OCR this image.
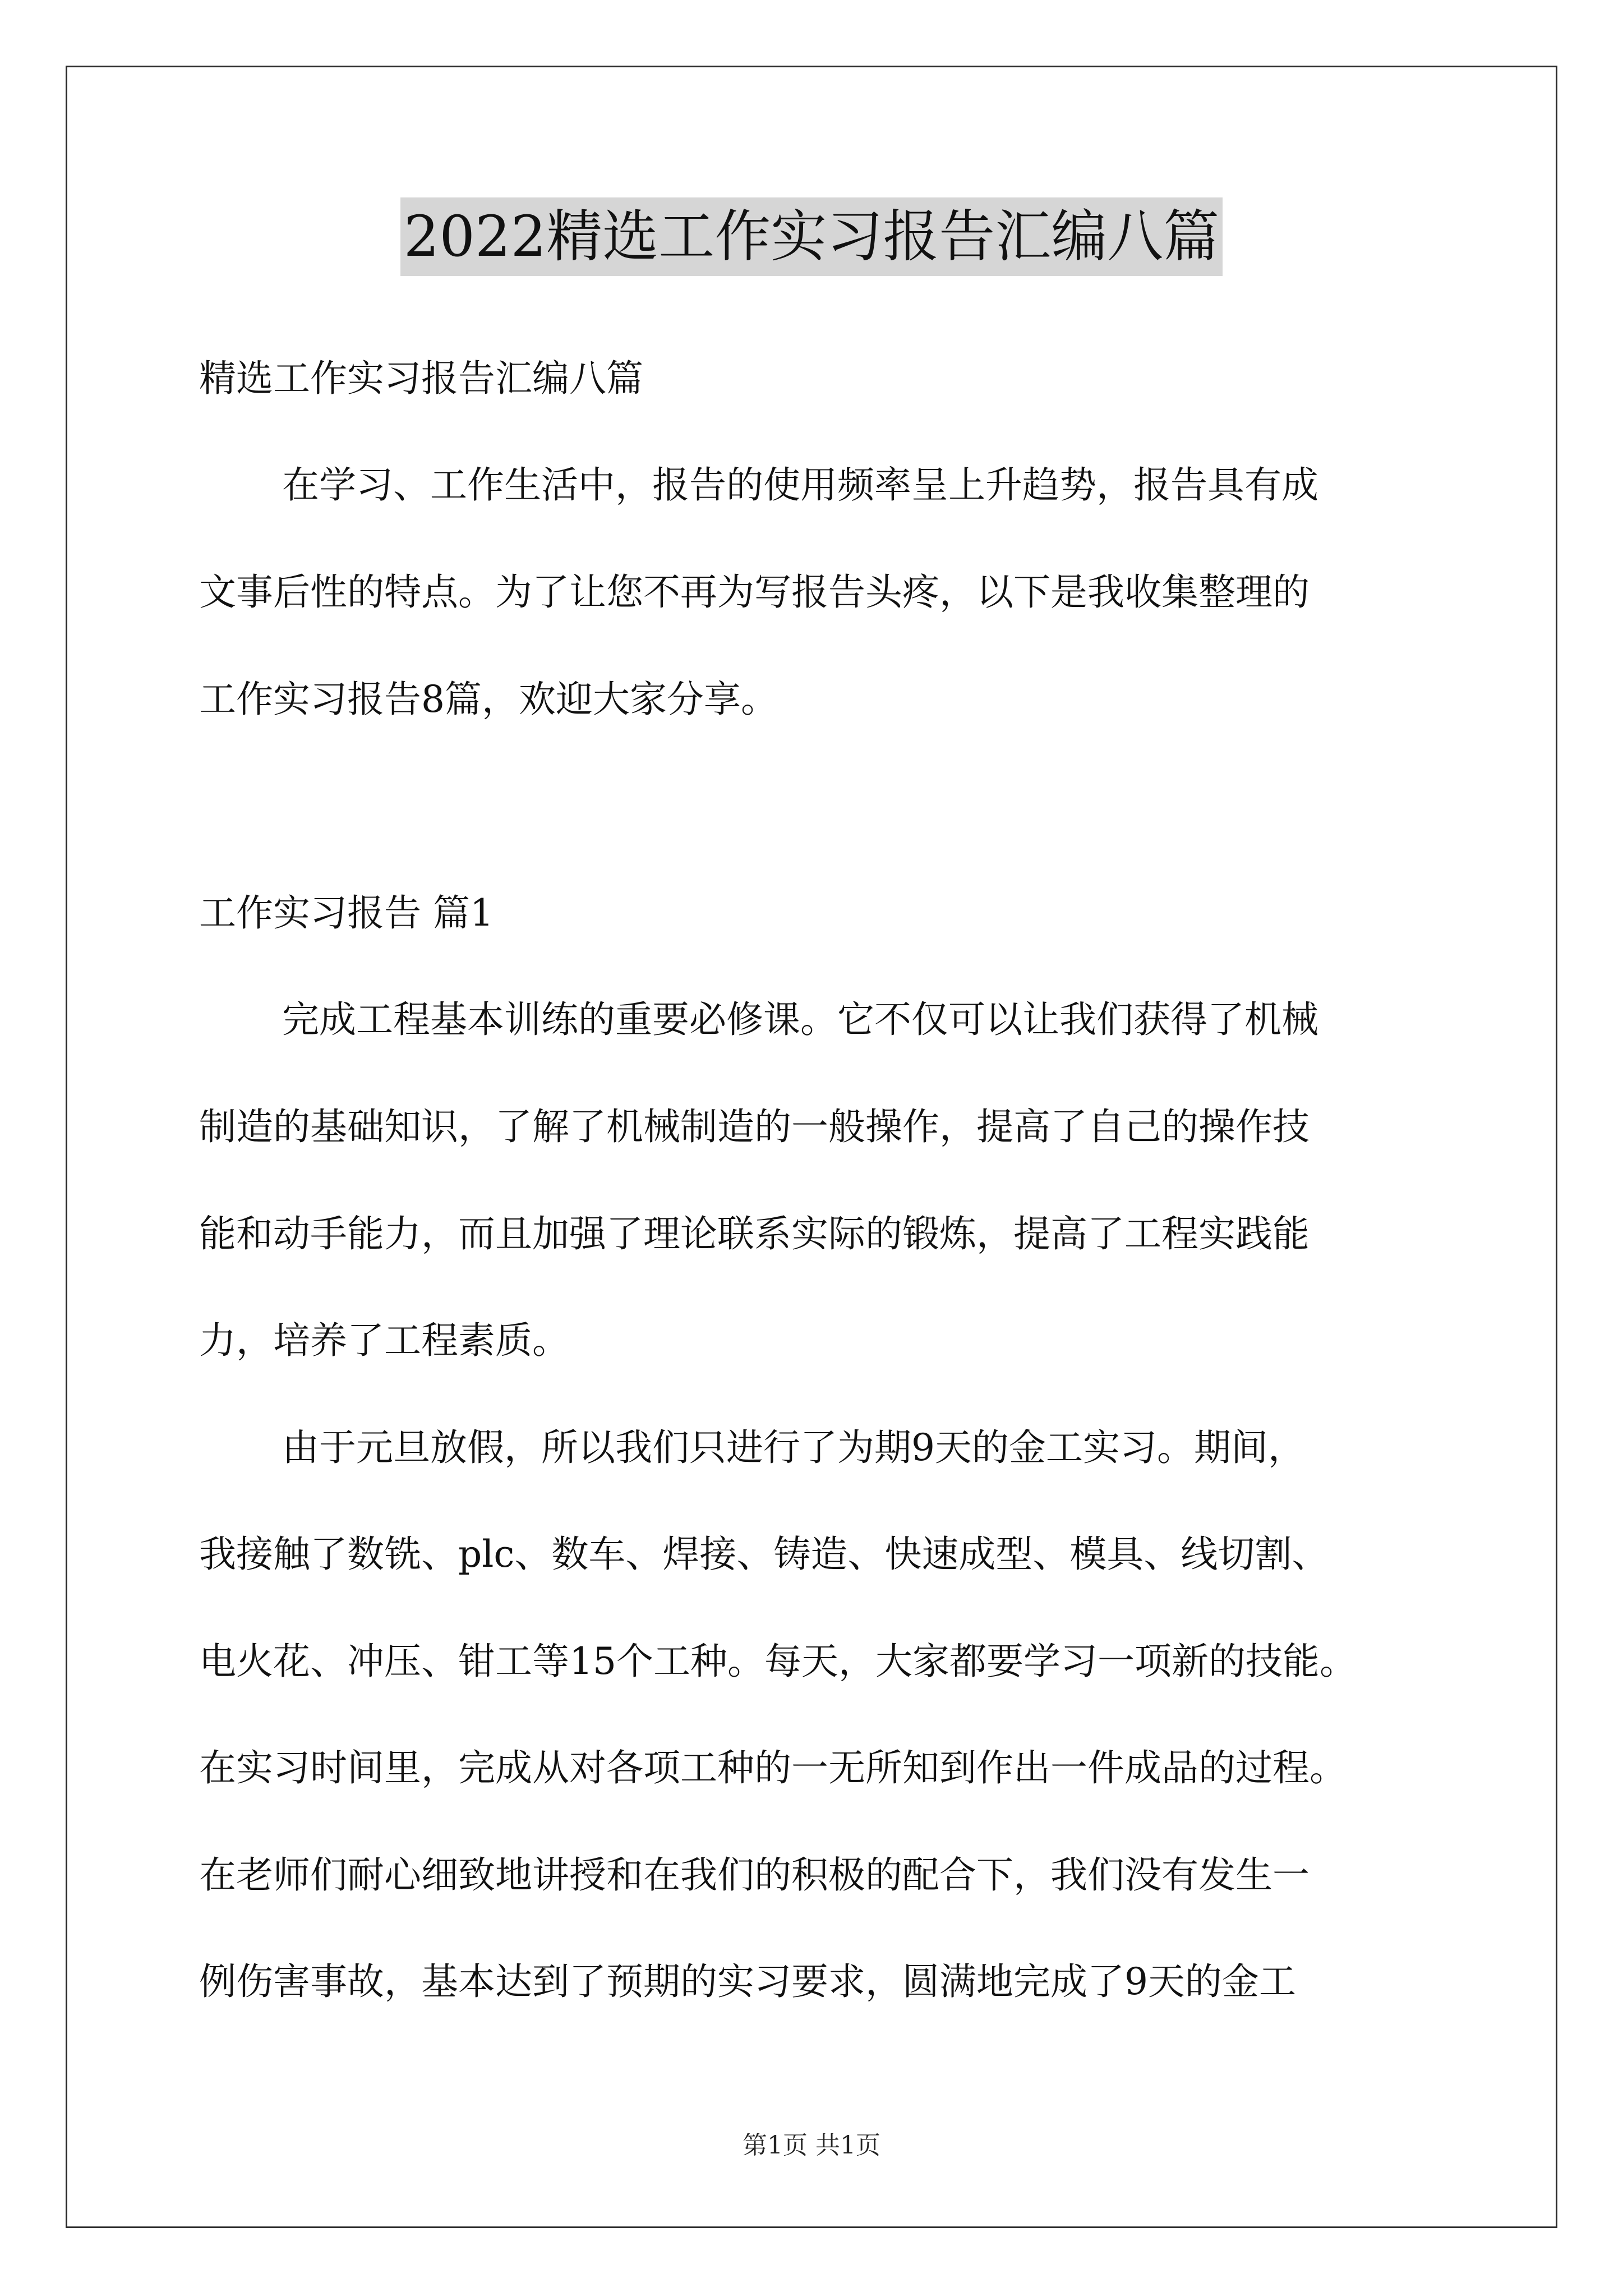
2022精选工作实习报告汇编八篇
精选工作实习报告汇编八篇
在学习、工作生活中，报告的使用频率呈上升趋势，报告具有成
文事后性的特点。为了让您不再为写报告头疼，以下是我收集整理的
工作实习报告8篇，欢迎大家分享。
工作实习报告 篇1
完成工程基本训练的重要必修课。它不仅可以让我们获得了机械
制造的基础知识，了解了机械制造的一般操作，提高了自己的操作技
能和动手能力，而且加强了理论联系实际的锻炼，提高了工程实践能
力，培养了工程素质。
由于元旦放假，所以我们只进行了为期9天的金工实习。期间，
我接触了数铣、plc、数车、焊接、铸造、快速成型、模具、线切割、
电火花、冲压、钳工等15个工种。每天，大家都要学习一项新的技能。
在实习时间里，完成从对各项工种的一无所知到作出一件成品的过程。
在老师们耐心细致地讲授和在我们的积极的配合下，我们没有发生一
例伤害事故，基本达到了预期的实习要求，圆满地完成了9天的金工
第1页 共1页
